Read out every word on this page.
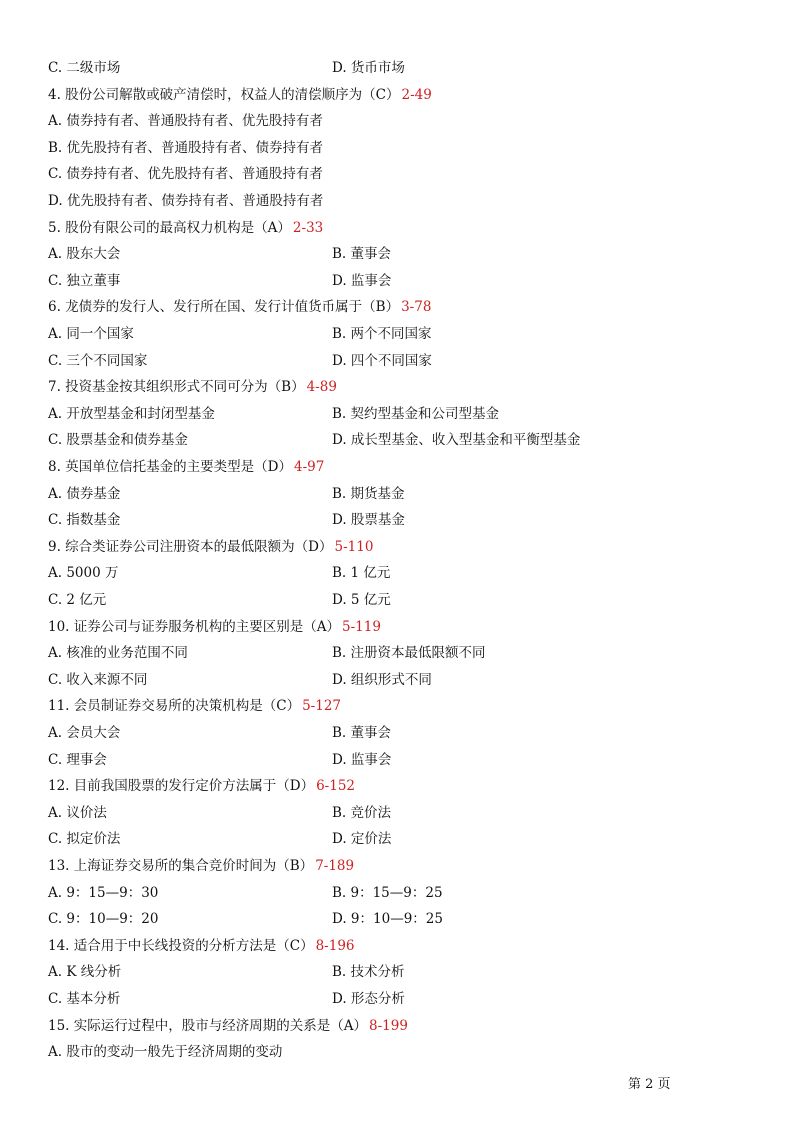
C. 二级市场	D. 货币市场
4. 股份公司解散或破产清偿时，权益人的清偿顺序为（C） 2-49
A. 债券持有者、普通股持有者、优先股持有者
B. 优先股持有者、普通股持有者、债券持有者
C. 债券持有者、优先股持有者、普通股持有者
D. 优先股持有者、债券持有者、普通股持有者
5. 股份有限公司的最高权力机构是（A） 2-33
A. 股东大会	B. 董事会
C. 独立董事	D. 监事会
6. 龙债券的发行人、发行所在国、发行计值货币属于（B） 3-78
A. 同一个国家	B. 两个不同国家
C. 三个不同国家	D. 四个不同国家
7. 投资基金按其组织形式不同可分为（B） 4-89
A. 开放型基金和封闭型基金	B. 契约型基金和公司型基金
C. 股票基金和债券基金	D. 成长型基金、收入型基金和平衡型基金
8. 英国单位信托基金的主要类型是（D） 4-97
A. 债券基金	B. 期货基金
C. 指数基金	D. 股票基金
9. 综合类证券公司注册资本的最低限额为（D） 5-110
A. 5000 万	B. 1 亿元
C. 2 亿元	D. 5 亿元
10. 证券公司与证券服务机构的主要区别是（A） 5-119
A. 核准的业务范围不同	B. 注册资本最低限额不同
C. 收入来源不同	D. 组织形式不同
11. 会员制证券交易所的决策机构是（C） 5-127
A. 会员大会	B. 董事会
C. 理事会	D. 监事会
12. 目前我国股票的发行定价方法属于（D） 6-152
A. 议价法	B. 竞价法
C. 拟定价法	D. 定价法
13. 上海证券交易所的集合竞价时间为（B） 7-189
A. 9：15—9：30	B. 9：15—9：25
C. 9：10—9：20	D. 9：10—9：25
14. 适合用于中长线投资的分析方法是（C） 8-196
A. K 线分析	B. 技术分析
C. 基本分析	D. 形态分析
15. 实际运行过程中，股市与经济周期的关系是（A） 8-199
A. 股市的变动一般先于经济周期的变动
第 2 页
